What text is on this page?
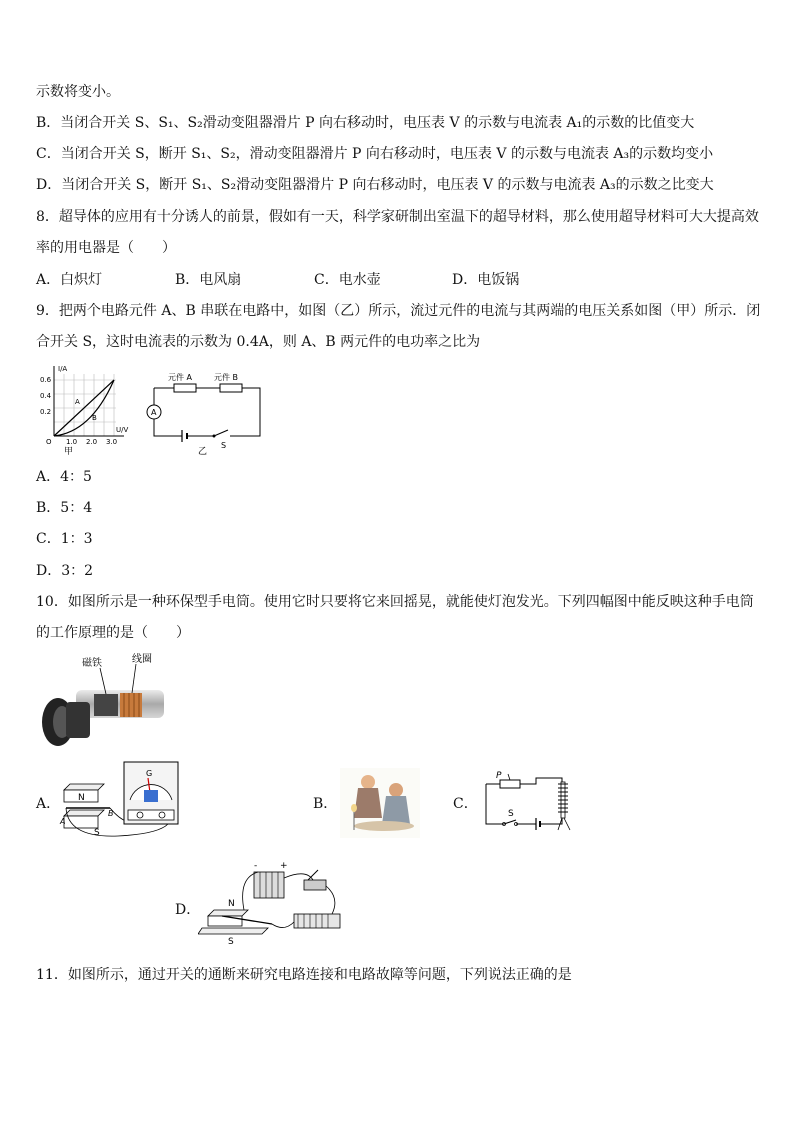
示数将变小。
B．当闭合开关 S、S₁、S₂滑动变阻器滑片 P 向右移动时，电压表 V 的示数与电流表 A₁的示数的比值变大
C．当闭合开关 S，断开 S₁、S₂，滑动变阻器滑片 P 向右移动时，电压表 V 的示数与电流表 A₃的示数均变小
D．当闭合开关 S，断开 S₁、S₂滑动变阻器滑片 P 向右移动时，电压表 V 的示数与电流表 A₃的示数之比变大
8．超导体的应用有十分诱人的前景，假如有一天，科学家研制出室温下的超导材料，那么使用超导材料可大大提高效
率的用电器是（　　）
A．白炽灯	B．电风扇	C．电水壶	D．电饭锅
9．把两个电路元件 A、B 串联在电路中，如图（乙）所示，流过元件的电流与其两端的电压关系如图（甲）所示．闭
合开关 S，这时电流表的示数为 0.4A，则 A、B 两元件的电功率之比为
I/A
U/V
0.6
0.4
0.2
O 1.0 2.0 3.0
A
B
甲
A
元件 A	元件 B
S
乙
A．4：5
B．5：4
C．1：3
D．3：2
10．如图所示是一种环保型手电筒。使用它时只要将它来回摇晃，就能使灯泡发光。下列四幅图中能反映这种手电筒
的工作原理的是（　　）
磁铁	线圈
A． N
S
A
B
G
B．	C．
P
S
D．	N
S
-	+
11．如图所示，通过开关的通断来研究电路连接和电路故障等问题，下列说法正确的是
